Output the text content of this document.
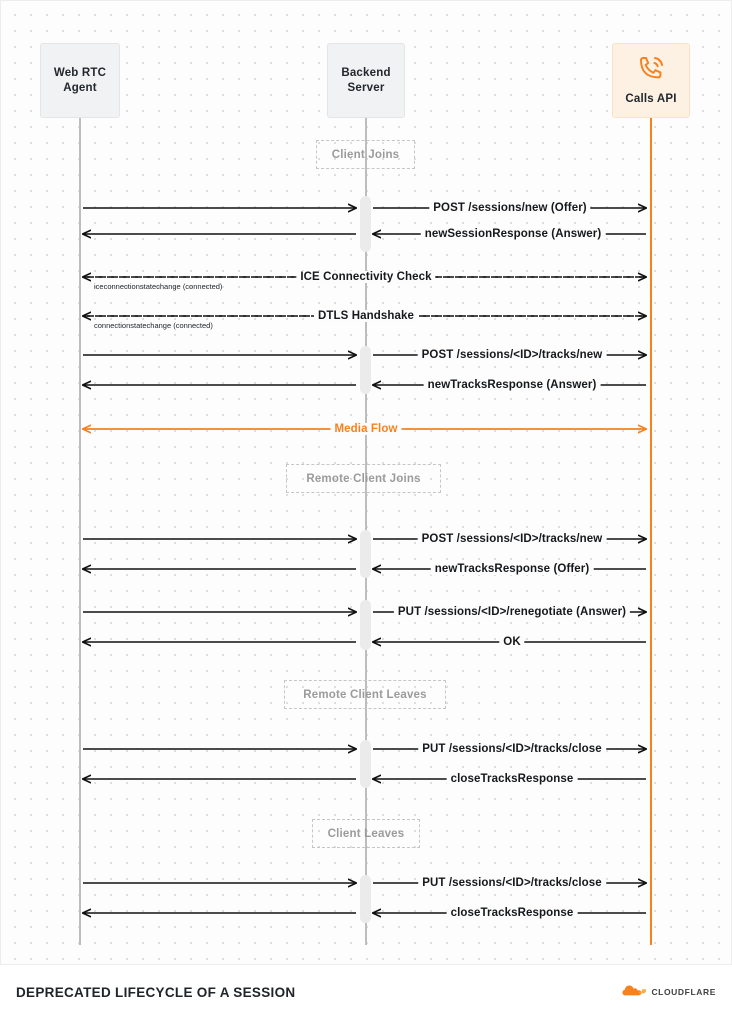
Web RTC
Agent
Backend
Server
Calls API
Client Joins
Remote Client Joins
Remote Client Leaves
Client Leaves
POST /sessions/new (Offer)
newSessionResponse (Answer)
ICE Connectivity Check
iceconnectionstatechange (connected)
DTLS Handshake
connectionstatechange (connected)
POST /sessions/<ID>/tracks/new
newTracksResponse (Answer)
Media Flow
POST /sessions/<ID>/tracks/new
newTracksResponse (Offer)
PUT /sessions/<ID>/renegotiate (Answer)
OK
PUT /sessions/<ID>/tracks/close
closeTracksResponse
PUT /sessions/<ID>/tracks/close
closeTracksResponse
DEPRECATED LIFECYCLE OF A SESSION	CLOUDFLARE
